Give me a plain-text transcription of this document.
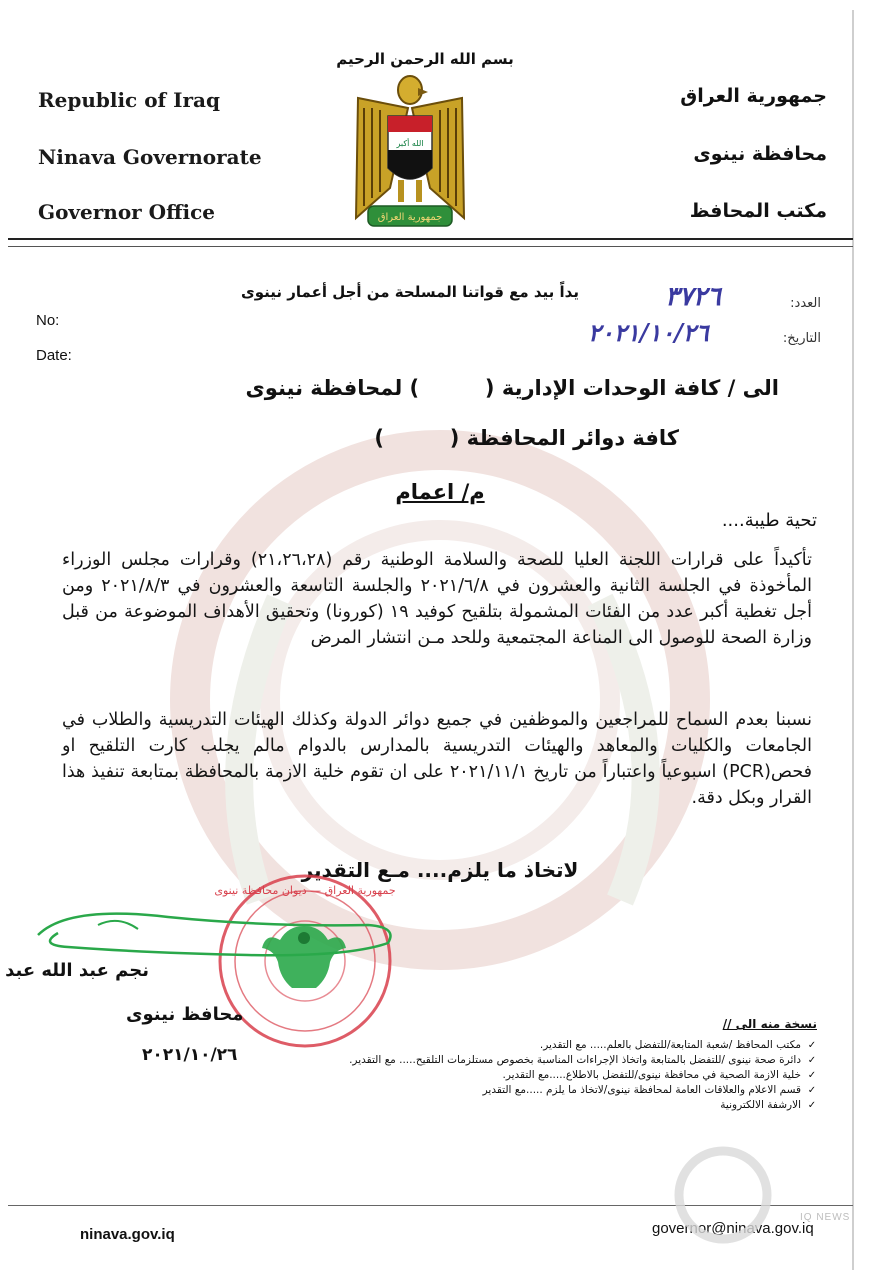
بسم الله الرحمن الرحيم
Republic of Iraq
Ninava Governorate
Governor Office
جمهورية العراق
محافظة نينوى
مكتب المحافظ
الله أكبر
جمهورية العراق
يداً بيد مع قواتنا المسلحة من أجل أعمار نينوى
No:
Date:
العدد:
التاريخ:
٣٧٢٦
٢٠٢١/١٠/٢٦
الى / كافة الوحدات الإدارية (         ) لمحافظة نينوى
كافة دوائر المحافظة (         )
م/ اعمام
تحية طيبة....
تأكيداً على قرارات اللجنة العليا للصحة والسلامة الوطنية رقم (٢١،٢٦،٢٨) وقرارات مجلس الوزراء المأخوذة في الجلسة الثانية والعشرون في ٢٠٢١/٦/٨ والجلسة التاسعة والعشرون في ٢٠٢١/٨/٣ ومن أجل تغطية أكبر عدد من الفئات المشمولة بتلقيح كوفيد ١٩ (كورونا) وتحقيق الأهداف الموضوعة من قبل وزارة الصحة للوصول الى المناعة المجتمعية وللحد مـن انتشار المرض
نسبنا بعدم السماح للمراجعين والموظفين في جميع دوائر الدولة وكذلك الهيئات التدريسية والطلاب في الجامعات والكليات والمعاهد والهيئات التدريسية بالمدارس بالدوام مالم يجلب كارت التلقيح او فحص(PCR) اسبوعياً واعتباراً من تاريخ ٢٠٢١/١١/١ على ان تقوم خلية الازمة بالمحافظة بمتابعة تنفيذ هذا القرار وبكل دقة.
لاتخاذ ما يلزم.... مـع التقدير
جمهورية العراق — ديوان محافظة نينوى
نجم عبد الله عبد
محافظ نينوى
٢٠٢١/١٠/٢٦
نسخة منه الى //
✓مكتب المحافظ /شعبة المتابعة/للتفضل بالعلم..... مع التقدير.
✓دائرة صحة نينوى /للتفضل بالمتابعة واتخاذ الإجراءات المناسبة بخصوص مستلزمات التلقيح..... مع التقدير.
✓خلية الازمة الصحية في محافظة نينوى/للتفضل بالاطلاع.....مع التقدير.
✓قسم الاعلام والعلاقات العامة لمحافظة نينوى/لاتخاذ ما يلزم .....مع التقدير
✓الارشفة الالكترونية
ninava.gov.iq	governor@ninava.gov.iq
IQ NEWS
